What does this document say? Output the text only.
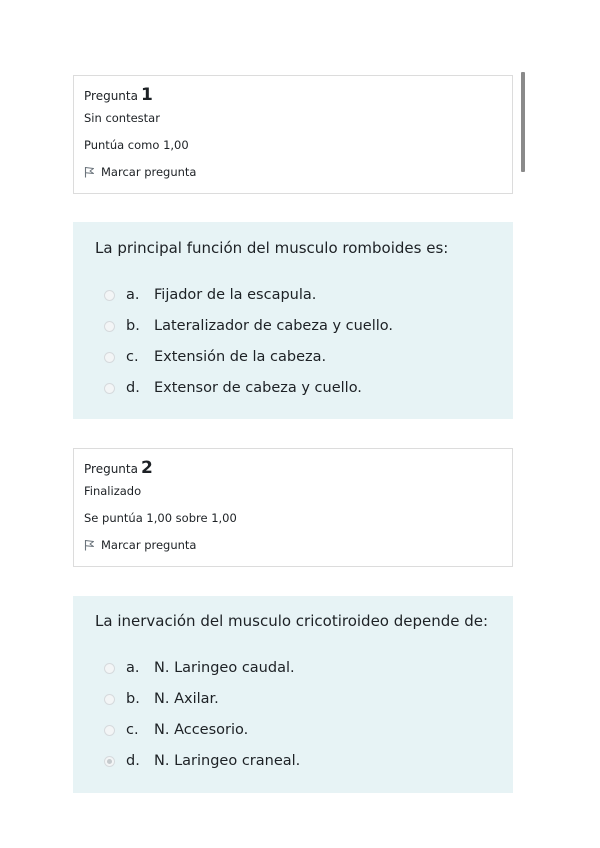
Pregunta 1
Sin contestar
Puntúa como 1,00
Marcar pregunta
La principal función del musculo romboides es:
a.	Fijador de la escapula.
b. Lateralizador de cabeza y cuello.
c.	Extensión de la cabeza.
d. Extensor de cabeza y cuello.
Pregunta 2
Finalizado
Se puntúa 1,00 sobre 1,00
Marcar pregunta
La inervación del musculo cricotiroideo depende de:
a.	N. Laringeo caudal.
b. N. Axilar.
c.	N. Accesorio.
d. N. Laringeo craneal.
